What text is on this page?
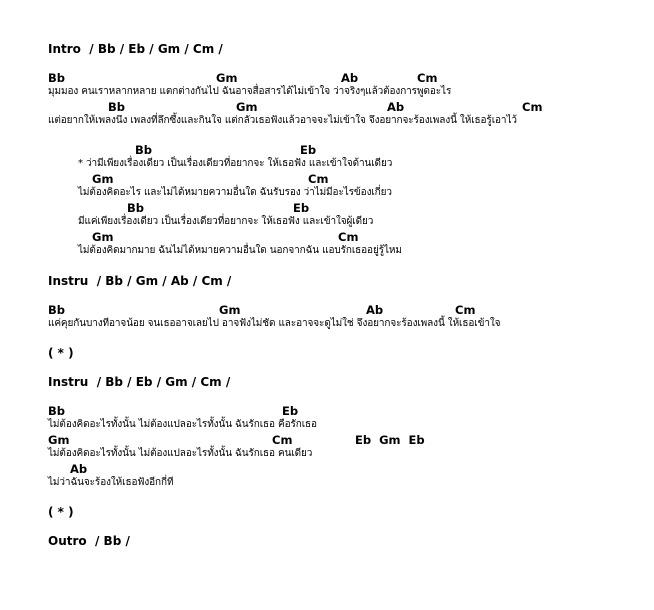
Intro  / Bb / Eb / Gm / Cm /
Bb	Gm	Ab	Cm
มุมมอง คนเราหลากหลาย แตกต่างกันไป ฉันอาจสื่อสารได้ไม่เข้าใจ ว่าจริงๆแล้วต้องการพูดอะไร
Bb	Gm	Ab	Cm
แต่อยากให้เพลงนึง เพลงที่ลึกซึ้งและกินใจ แต่กลัวเธอฟังแล้วอาจจะไม่เข้าใจ จึงอยากจะร้องเพลงนี้ ให้เธอรู้เอาไว้
Bb	Eb
* ว่ามีเพียงเรื่องเดียว เป็นเรื่องเดียวที่อยากจะ ให้เธอฟัง และเข้าใจด้านเดียว
Gm	Cm
ไม่ต้องคิดอะไร และไม่ได้หมายความอื่นใด ฉันรับรอง ว่าไม่มีอะไรข้องเกี่ยว
Bb	Eb
มีแค่เพียงเรื่องเดียว เป็นเรื่องเดียวที่อยากจะ ให้เธอฟัง และเข้าใจผู้เดียว
Gm	Cm
ไม่ต้องคิดมากมาย ฉันไม่ได้หมายความอื่นใด นอกจากฉัน แอบรักเธออยู่รู้ไหม
Instru  / Bb / Gm / Ab / Cm /
Bb	Gm	Ab	Cm
แค่คุยกันบางทีอาจน้อย จนเธออาจเลยไป อาจฟังไม่ชัด และอาจจะดูไม่ใช่ จึงอยากจะร้องเพลงนี้ ให้เธอเข้าใจ
( * )
Instru  / Bb / Eb / Gm / Cm /
Bb	Eb
ไม่ต้องคิดอะไรทั้งนั้น ไม่ต้องแปลอะไรทั้งนั้น ฉันรักเธอ คือรักเธอ
Gm	Cm	Eb  Gm  Eb
ไม่ต้องคิดอะไรทั้งนั้น ไม่ต้องแปลอะไรทั้งนั้น ฉันรักเธอ คนเดียว
Ab
ไม่ว่าฉันจะร้องให้เธอฟังอีกกี่ที
( * )
Outro  / Bb /
